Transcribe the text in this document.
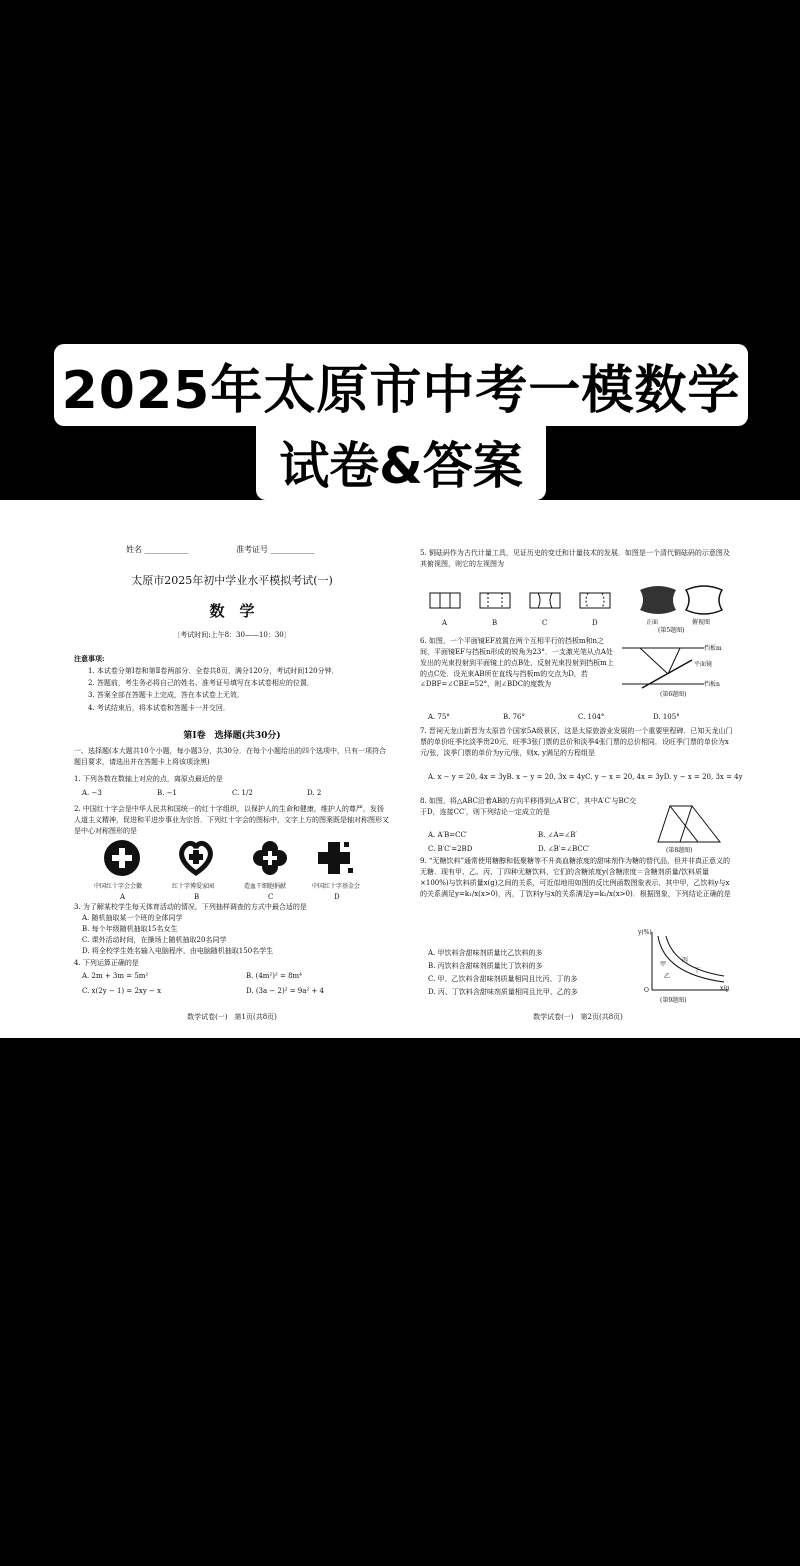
2025年太原市中考一模数学
试卷&答案
姓名 ___________	准考证号 ___________
太原市2025年初中学业水平模拟考试(一)
数　学
〔考试时间:上午8：30——10：30〕
注意事项:
1. 本试卷分第Ⅰ卷和第Ⅱ卷两部分．全卷共8页，满分120分，考试时间120分钟．
2. 答题前，考生务必将自己的姓名、准考证号填写在本试卷相应的位置．
3. 答案全部在答题卡上完成，答在本试卷上无效．
4. 考试结束后，将本试卷和答题卡一并交回．
第Ⅰ卷　选择题(共30分)
一、选择题(本大题共10个小题，每小题3分，共30分．在每个小题给出的四个选项中，只有一项符合题目要求，请选出并在答题卡上将该项涂黑)
1. 下列各数在数轴上对应的点，离原点最近的是
A. −3	B. −1	C. 1/2	D. 2
2. 中国红十字会是中华人民共和国统一的红十字组织，以保护人的生命和健康，维护人的尊严，发扬人道主义精神，促进和平进步事业为宗旨．下列红十字会的图标中，文字上方的图案既是轴对称图形又是中心对称图形的是
中国红十字会会徽	红十字博爱家园	造血干细胞捐献	中国红十字基金会
A	B	C	D
3. 为了解某校学生每天体育活动的情况，下列抽样调查的方式中最合适的是
A. 随机抽取某一个班的全体同学
B. 每个年级随机抽取15名女生
C. 课外活动时间，在操场上随机抽取20名同学
D. 将全校学生姓名输入电脑程序，由电脑随机抽取150名学生
4. 下列运算正确的是
A. 2m + 3m = 5m²	B. (4m²)² = 8m⁴
C. x(2y − 1) = 2xy − x	D. (3a − 2)² = 9a² + 4
数学试卷(一)　第1页(共8页)
5. 铜砝码作为古代计量工具，见证历史的变迁和计量技术的发展．如图是一个清代铜砝码的示意图及其俯视图，则它的左视图为
A	B	C	D	正面	俯视图
(第5题图)
6. 如图，一个平面镜EF放置在两个互相平行的挡板m和n之间，平面镜EF与挡板n形成的锐角为23°．一支激光笔从点A处发出的光束投射到平面镜上的点B处，反射光束投射到挡板m上的点C处．设光束AB所在直线与挡板m的交点为D，若∠DBF=∠CBE=52°，则∠BDC的度数为
挡板m
挡板n
平面镜
(第6题图)
A. 75°	B. 76°	C. 104°	D. 105°
7. 晋祠天龙山新晋为太原首个国家5A级景区，这是太原旅游业发展的一个重要里程碑．已知天龙山门票的单价旺季比淡季贵20元，旺季3张门票的总价和淡季4张门票的总价相同．设旺季门票的单价为x元/张，淡季门票的单价为y元/张，则x, y满足的方程组是
A. x − y = 20, 4x = 3y B. x − y = 20, 3x = 4y C. y − x = 20, 4x = 3y D. y − x = 20, 3x = 4y
8. 如图，将△ABC沿着AB的方向平移得到△A′B′C′，其中A′C′与BC交于D，连接CC′，则下列结论一定成立的是
A. A′B=CC′	B. ∠A=∠B′
C. B′C′=2BD	D. ∠B′=∠BCC′	(第8题图)
9. “无糖饮料”通常使用糖醇和低聚糖等不升高血糖浓度的甜味剂作为糖的替代品，但并非真正意义的无糖．现有甲、乙、丙、丁四种无糖饮料，它们的含糖浓度y(含糖浓度＝含糖剂质量/饮料质量×100%)与饮料质量x(g)之间的关系，可近似地用如图的反比例函数图象表示，其中甲，乙饮料y与x的关系满足y=k₁/x(x>0)，丙，丁饮料y与x的关系满足y=k₂/x(x>0)．根据图象，下列结论正确的是
A. 甲饮料含甜味剂质量比乙饮料的多
B. 丙饮料含甜味剂质量比丁饮料的多
C. 甲、乙饮料含甜味剂质量相同且比丙、丁的多
D. 丙、丁饮料含甜味剂质量相同且比甲、乙的多
y(%)
x/g
O
甲
乙
丙
丁
(第9题图)
数学试卷(一)　第2页(共8页)
